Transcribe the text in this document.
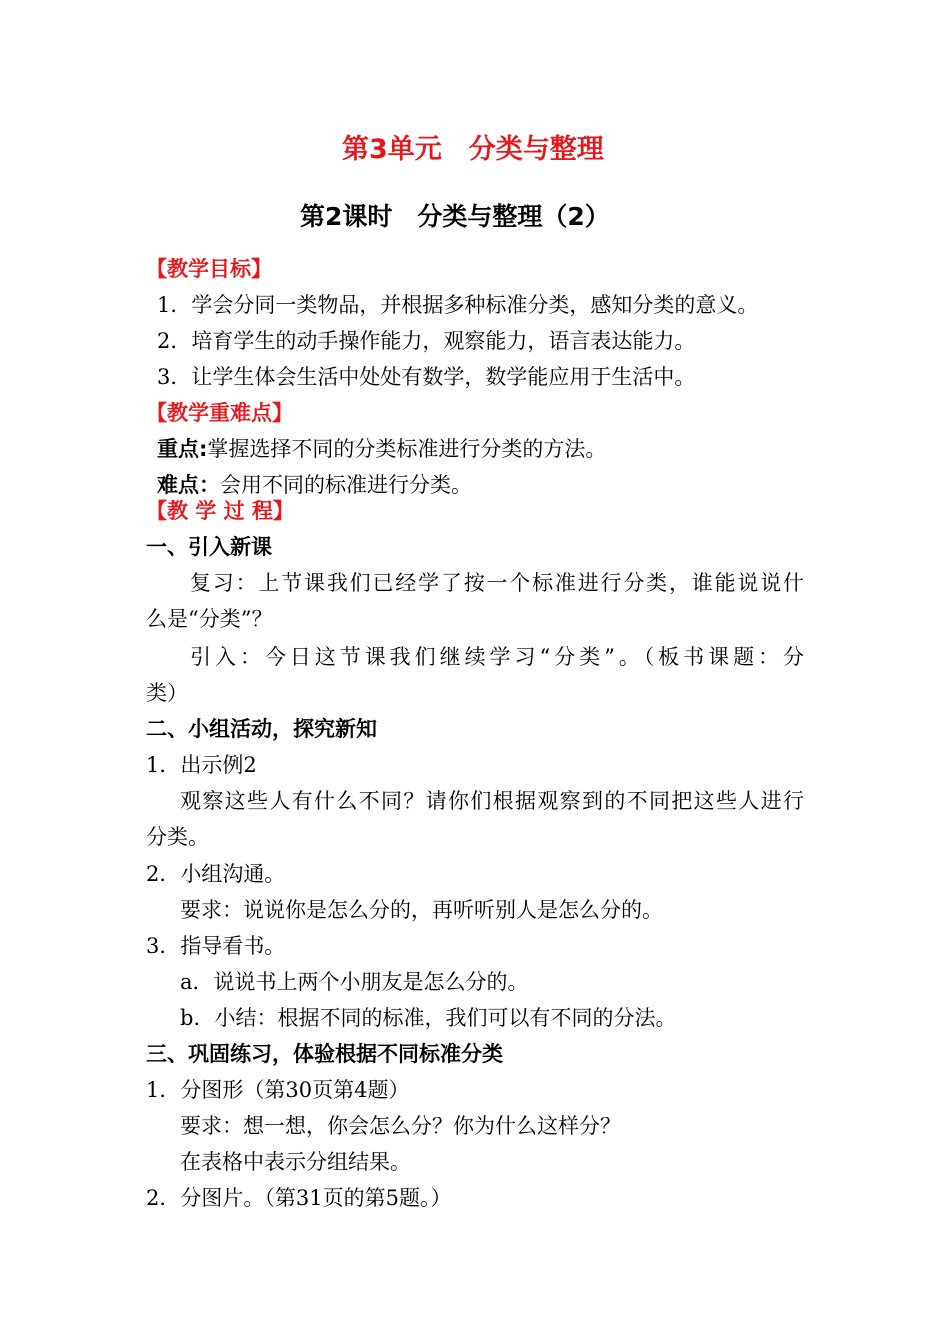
第3单元　分类与整理
第2课时　分类与整理（2）
【教学目标】
1．学会分同一类物品，并根据多种标准分类，感知分类的意义。
2．培育学生的动手操作能力，观察能力，语言表达能力。
3．让学生体会生活中处处有数学，数学能应用于生活中。
【教学重难点】
重点:掌握选择不同的分类标准进行分类的方法。
难点：会用不同的标准进行分类。
【教 学 过 程】
一、引入新课
复习：上节课我们已经学了按一个标准进行分类，谁能说说什
么是“分类”？
引入：今日这节课我们继续学习“分类”。（板书课题：分
类）
二、小组活动，探究新知
1．出示例2
观察这些人有什么不同？请你们根据观察到的不同把这些人进行
分类。
2．小组沟通。
要求：说说你是怎么分的，再听听别人是怎么分的。
3．指导看书。
a．说说书上两个小朋友是怎么分的。
b．小结：根据不同的标准，我们可以有不同的分法。
三、巩固练习，体验根据不同标准分类
1．分图形（第30页第4题）
要求：想一想，你会怎么分？你为什么这样分？
在表格中表示分组结果。
2．分图片。（第31页的第5题。）
